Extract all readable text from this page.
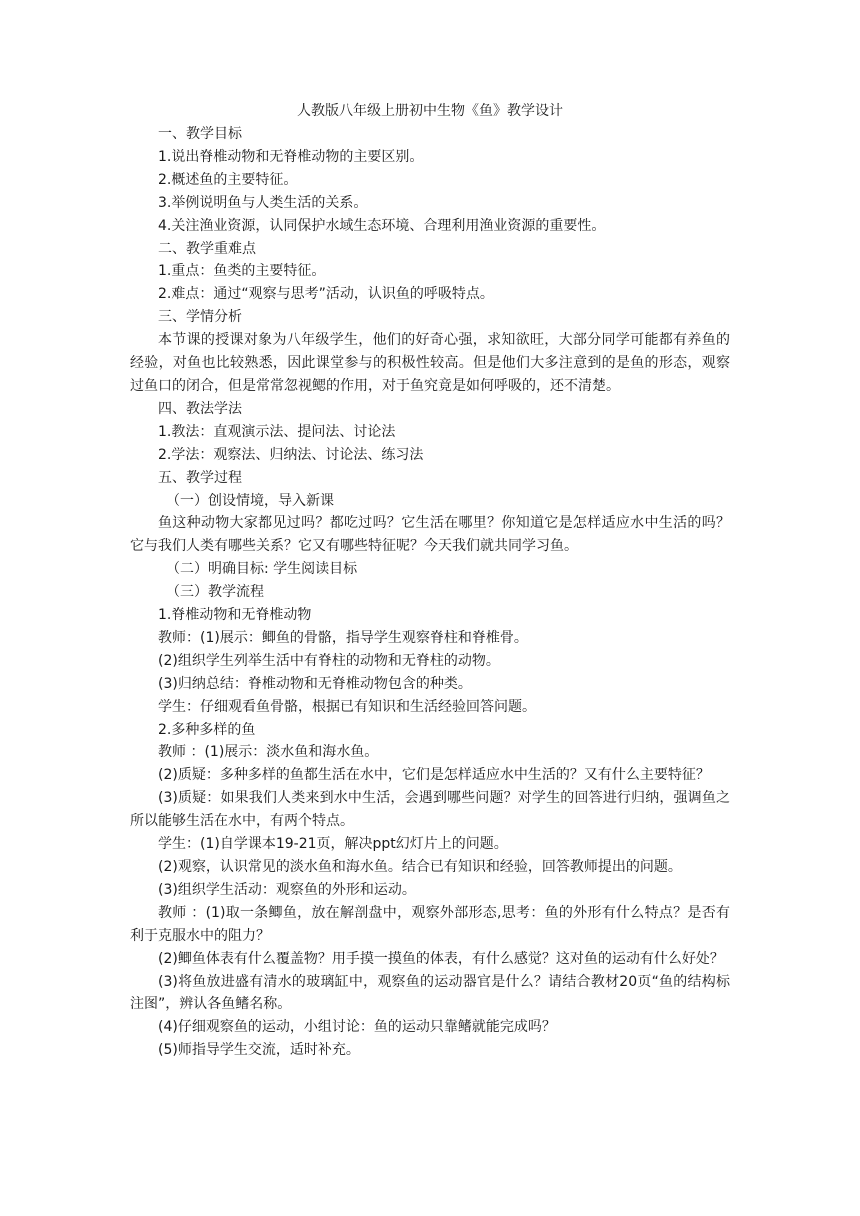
人教版八年级上册初中生物《鱼》教学设计
一、教学目标
1.说出脊椎动物和无脊椎动物的主要区别。
2.概述鱼的主要特征。
3.举例说明鱼与人类生活的关系。
4.关注渔业资源，认同保护水域生态环境、合理利用渔业资源的重要性。
二、教学重难点
1.重点：鱼类的主要特征。
2.难点：通过“观察与思考”活动，认识鱼的呼吸特点。
三、学情分析
本节课的授课对象为八年级学生，他们的好奇心强，求知欲旺，大部分同学可能都有养鱼的经验，对鱼也比较熟悉，因此课堂参与的积极性较高。但是他们大多注意到的是鱼的形态，观察过鱼口的闭合，但是常常忽视鳃的作用，对于鱼究竟是如何呼吸的，还不清楚。
四、教法学法
1.教法：直观演示法、提问法、讨论法
2.学法：观察法、归纳法、讨论法、练习法
五、教学过程
（一）创设情境，导入新课
鱼这种动物大家都见过吗？都吃过吗？它生活在哪里？你知道它是怎样适应水中生活的吗？它与我们人类有哪些关系？它又有哪些特征呢？今天我们就共同学习鱼。
（二）明确目标: 学生阅读目标
（三）教学流程
1.脊椎动物和无脊椎动物
教师：(1)展示：鲫鱼的骨骼，指导学生观察脊柱和脊椎骨。
(2)组织学生列举生活中有脊柱的动物和无脊柱的动物。
(3)归纳总结：脊椎动物和无脊椎动物包含的种类。
学生：仔细观看鱼骨骼，根据已有知识和生活经验回答问题。
2.多种多样的鱼
教师 ：(1)展示：淡水鱼和海水鱼。
(2)质疑：多种多样的鱼都生活在水中，它们是怎样适应水中生活的？又有什么主要特征？
(3)质疑：如果我们人类来到水中生活，会遇到哪些问题？对学生的回答进行归纳，强调鱼之所以能够生活在水中，有两个特点。
学生：(1)自学课本19-21页，解决ppt幻灯片上的问题。
(2)观察，认识常见的淡水鱼和海水鱼。结合已有知识和经验，回答教师提出的问题。
(3)组织学生活动：观察鱼的外形和运动。
教师 ：(1)取一条鲫鱼，放在解剖盘中，观察外部形态,思考：鱼的外形有什么特点？是否有利于克服水中的阻力？
(2)鲫鱼体表有什么覆盖物？用手摸一摸鱼的体表，有什么感觉？这对鱼的运动有什么好处？
(3)将鱼放进盛有清水的玻璃缸中，观察鱼的运动器官是什么？请结合教材20页“鱼的结构标注图”，辨认各鱼鳍名称。
(4)仔细观察鱼的运动，小组讨论：鱼的运动只靠鳍就能完成吗？
(5)师指导学生交流，适时补充。
